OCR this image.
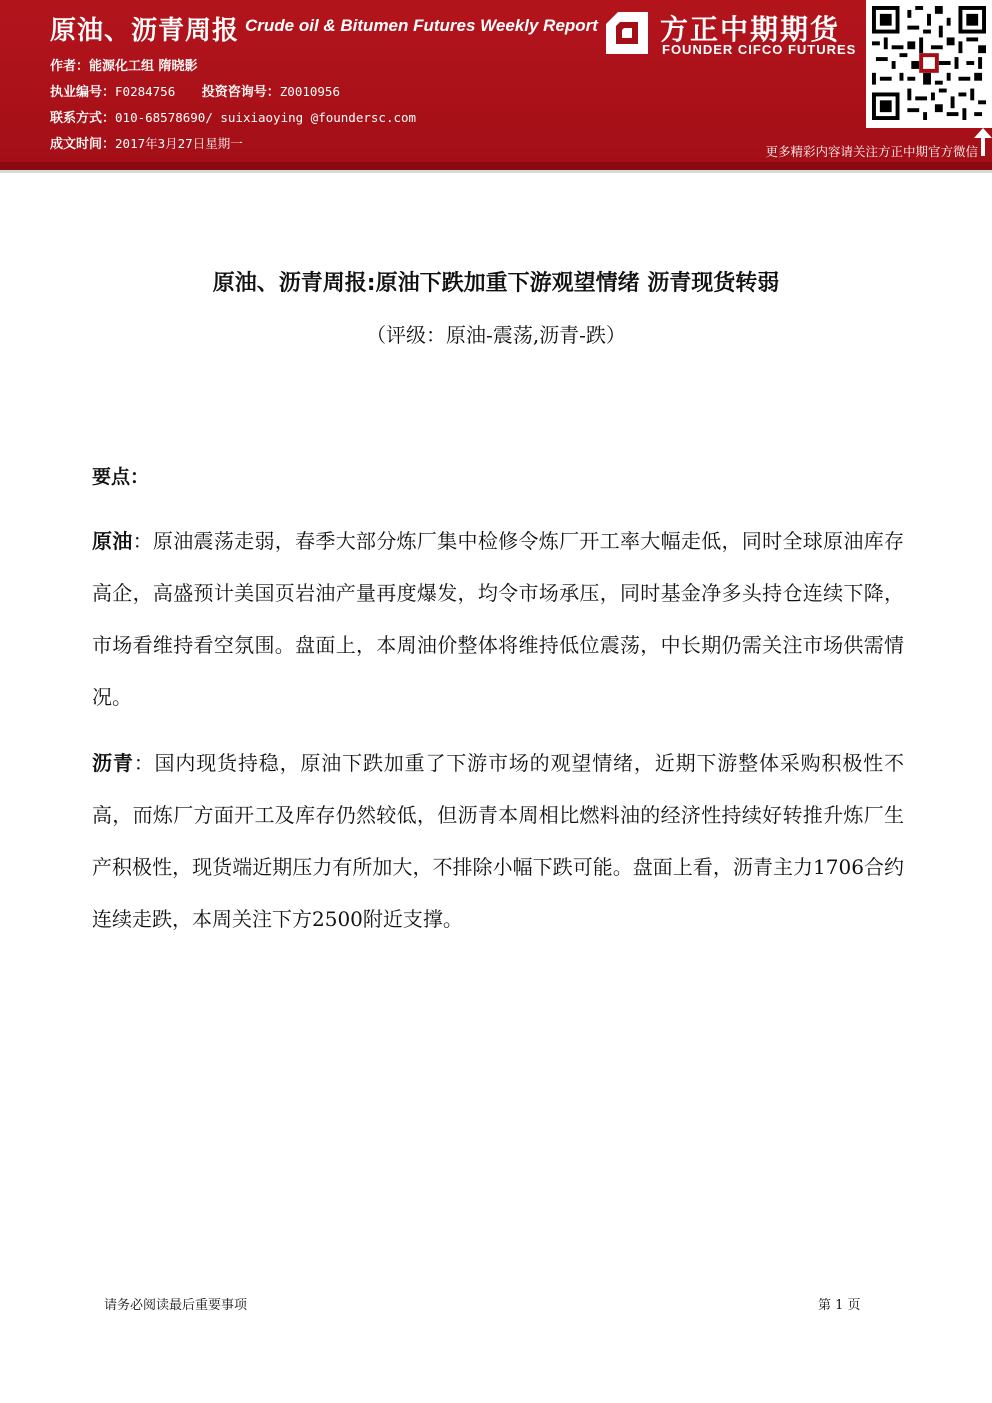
原油、沥青周报 Crude oil & Bitumen Futures Weekly Report
作者：能源化工组 隋晓影
执业编号：F0284756 投资咨询号：Z0010956
联系方式：010-68578690/ suixiaoying @foundersc.com
成文时间：2017年3月27日星期一
方正中期期货
FOUNDER CIFCO FUTURES
更多精彩内容请关注方正中期官方微信
原油、沥青周报:原油下跌加重下游观望情绪 沥青现货转弱
（评级：原油-震荡,沥青-跌）
要点：
原油：原油震荡走弱，春季大部分炼厂集中检修令炼厂开工率大幅走低，同时全球原油库存高企，高盛预计美国页岩油产量再度爆发，均令市场承压，同时基金净多头持仓连续下降，市场看维持看空氛围。盘面上，本周油价整体将维持低位震荡，中长期仍需关注市场供需情况。
沥青：国内现货持稳，原油下跌加重了下游市场的观望情绪，近期下游整体采购积极性不高，而炼厂方面开工及库存仍然较低，但沥青本周相比燃料油的经济性持续好转推升炼厂生产积极性，现货端近期压力有所加大，不排除小幅下跌可能。盘面上看，沥青主力1706合约连续走跌，本周关注下方2500附近支撑。
请务必阅读最后重要事项	第 1 页
